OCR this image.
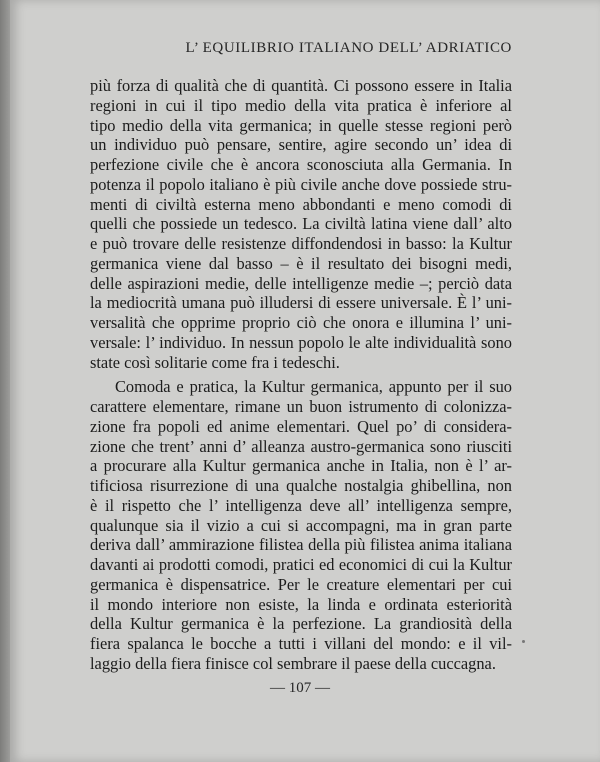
L’ EQUILIBRIO ITALIANO DELL’ ADRIATICO
più forza di qualità che di quantità. Ci possono essere in Italia
regioni in cui il tipo medio della vita pratica è inferiore al
tipo medio della vita germanica; in quelle stesse regioni però
un individuo può pensare, sentire, agire secondo un’ idea di
perfezione civile che è ancora sconosciuta alla Germania. In
potenza il popolo italiano è più civile anche dove possiede stru-
menti di civiltà esterna meno abbondanti e meno comodi di
quelli che possiede un tedesco. La civiltà latina viene dall’ alto
e può trovare delle resistenze diffondendosi in basso: la Kultur
germanica viene dal basso – è il resultato dei bisogni medi,
delle aspirazioni medie, delle intelligenze medie –; perciò data
la mediocrità umana può illudersi di essere universale. È l’ uni-
versalità che opprime proprio ciò che onora e illumina l’ uni-
versale: l’ individuo. In nessun popolo le alte individualità sono
state così solitarie come fra i tedeschi.
Comoda e pratica, la Kultur germanica, appunto per il suo
carattere elementare, rimane un buon istrumento di colonizza-
zione fra popoli ed anime elementari. Quel po’ di considera-
zione che trent’ anni d’ alleanza austro-germanica sono riusciti
a procurare alla Kultur germanica anche in Italia, non è l’ ar-
tificiosa risurrezione di una qualche nostalgia ghibellina, non
è il rispetto che l’ intelligenza deve all’ intelligenza sempre,
qualunque sia il vizio a cui si accompagni, ma in gran parte
deriva dall’ ammirazione filistea della più filistea anima italiana
davanti ai prodotti comodi, pratici ed economici di cui la Kultur
germanica è dispensatrice. Per le creature elementari per cui
il mondo interiore non esiste, la linda e ordinata esteriorità
della Kultur germanica è la perfezione. La grandiosità della
fiera spalanca le bocche a tutti i villani del mondo: e il vil-
laggio della fiera finisce col sembrare il paese della cuccagna.
— 107 —
